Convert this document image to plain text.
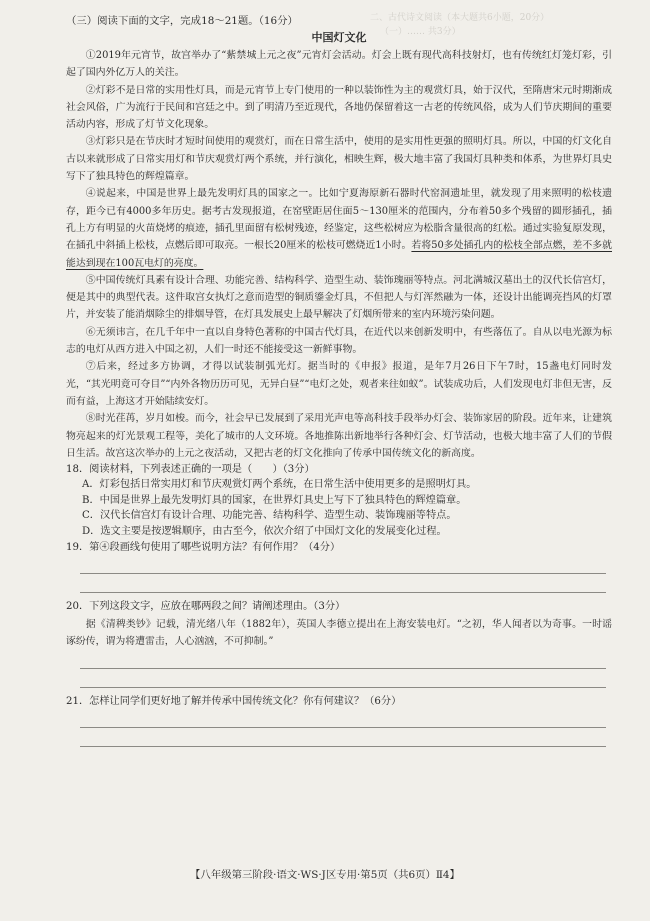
二、古代诗文阅读（本大题共6小题，20分）
（一）…… 共3分）

（三）阅读下面的文字，完成18～21题。（16分）

中国灯文化

①2019年元宵节，故宫举办了“紫禁城上元之夜”元宵灯会活动。灯会上既有现代高科技射灯，也有传统红灯笼灯彩，引起了国内外亿万人的关注。

②灯彩不是日常的实用性灯具，而是元宵节上专门使用的一种以装饰性为主的观赏灯具，始于汉代，至隋唐宋元时期渐成社会风俗，广为流行于民间和宫廷之中。到了明清乃至近现代，各地仍保留着这一古老的传统风俗，成为人们节庆期间的重要活动内容，形成了灯节文化现象。

③灯彩只是在节庆时才短时间使用的观赏灯，而在日常生活中，使用的是实用性更强的照明灯具。所以，中国的灯文化自古以来就形成了日常实用灯和节庆观赏灯两个系统，并行演化，相映生辉，极大地丰富了我国灯具种类和体系，为世界灯具史写下了独具特色的辉煌篇章。

④说起来，中国是世界上最先发明灯具的国家之一。比如宁夏海原新石器时代窑洞遗址里，就发现了用来照明的松枝遗存，距今已有4000多年历史。据考古发现报道，在窑壁距居住面5～130厘米的范围内，分布着50多个残留的圆形插孔，插孔上方有明显的火苗烧烤的痕迹，插孔里面留有松树残迹，经鉴定，这些松树应为松脂含量很高的红松。通过实验复原发现，在插孔中斜插上松枝，点燃后即可取亮。一根长20厘米的松枝可燃烧近1小时。若将50多处插孔内的松枝全部点燃，差不多就能达到现在100瓦电灯的亮度。

⑤中国传统灯具素有设计合理、功能完善、结构科学、造型生动、装饰瑰丽等特点。河北满城汉墓出土的汉代长信宫灯，便是其中的典型代表。这件取宫女执灯之意而造型的铜质鎏金灯具，不但把人与灯浑然融为一体，还设计出能调亮挡风的灯罩片，并安装了能消烟除尘的排烟导管，在灯具发展史上最早解决了灯烟所带来的室内环境污染问题。

⑥无须讳言，在几千年中一直以自身特色著称的中国古代灯具，在近代以来创新发明中，有些落伍了。自从以电光源为标志的电灯从西方进入中国之初，人们一时还不能接受这一新鲜事物。

⑦后来，经过多方协调，才得以试装制弧光灯。据当时的《申报》报道，是年7月26日下午7时，15盏电灯同时发光，“其光明竟可夺目”“内外各物历历可见，无异白昼”“电灯之处，观者来往如蚁”。试装成功后，人们发现电灯非但无害，反而有益，上海这才开始陆续安灯。

⑧时光荏苒，岁月如梭。而今，社会早已发展到了采用光声电等高科技手段举办灯会、装饰家居的阶段。近年来，让建筑物亮起来的灯光景观工程等，美化了城市的人文环境。各地推陈出新地举行各种灯会、灯节活动，也极大地丰富了人们的节假日生活。故宫这次举办的上元之夜活动，又把古老的灯文化推向了传承中国传统文化的新高度。

18．阅读材料，下列表述正确的一项是（　　）（3分）

A．灯彩包括日常实用灯和节庆观赏灯两个系统，在日常生活中使用更多的是照明灯具。

B．中国是世界上最先发明灯具的国家，在世界灯具史上写下了独具特色的辉煌篇章。

C．汉代长信宫灯有设计合理、功能完善、结构科学、造型生动、装饰瑰丽等特点。

D．选文主要是按逻辑顺序，由古至今，依次介绍了中国灯文化的发展变化过程。

19．第④段画线句使用了哪些说明方法？有何作用？（4分）

20．下列这段文字，应放在哪两段之间？请阐述理由。（3分）

据《清稗类钞》记载，清光绪八年（1882年），英国人李德立提出在上海安装电灯。“之初，华人闻者以为奇事。一时谣诼纷传，谓为将遭雷击，人心汹汹，不可抑制。”

21．怎样让同学们更好地了解并传承中国传统文化？你有何建议？（6分）

【八年级第三阶段·语文·WS·J区专用·第5页（共6页）Ⅱ4】
